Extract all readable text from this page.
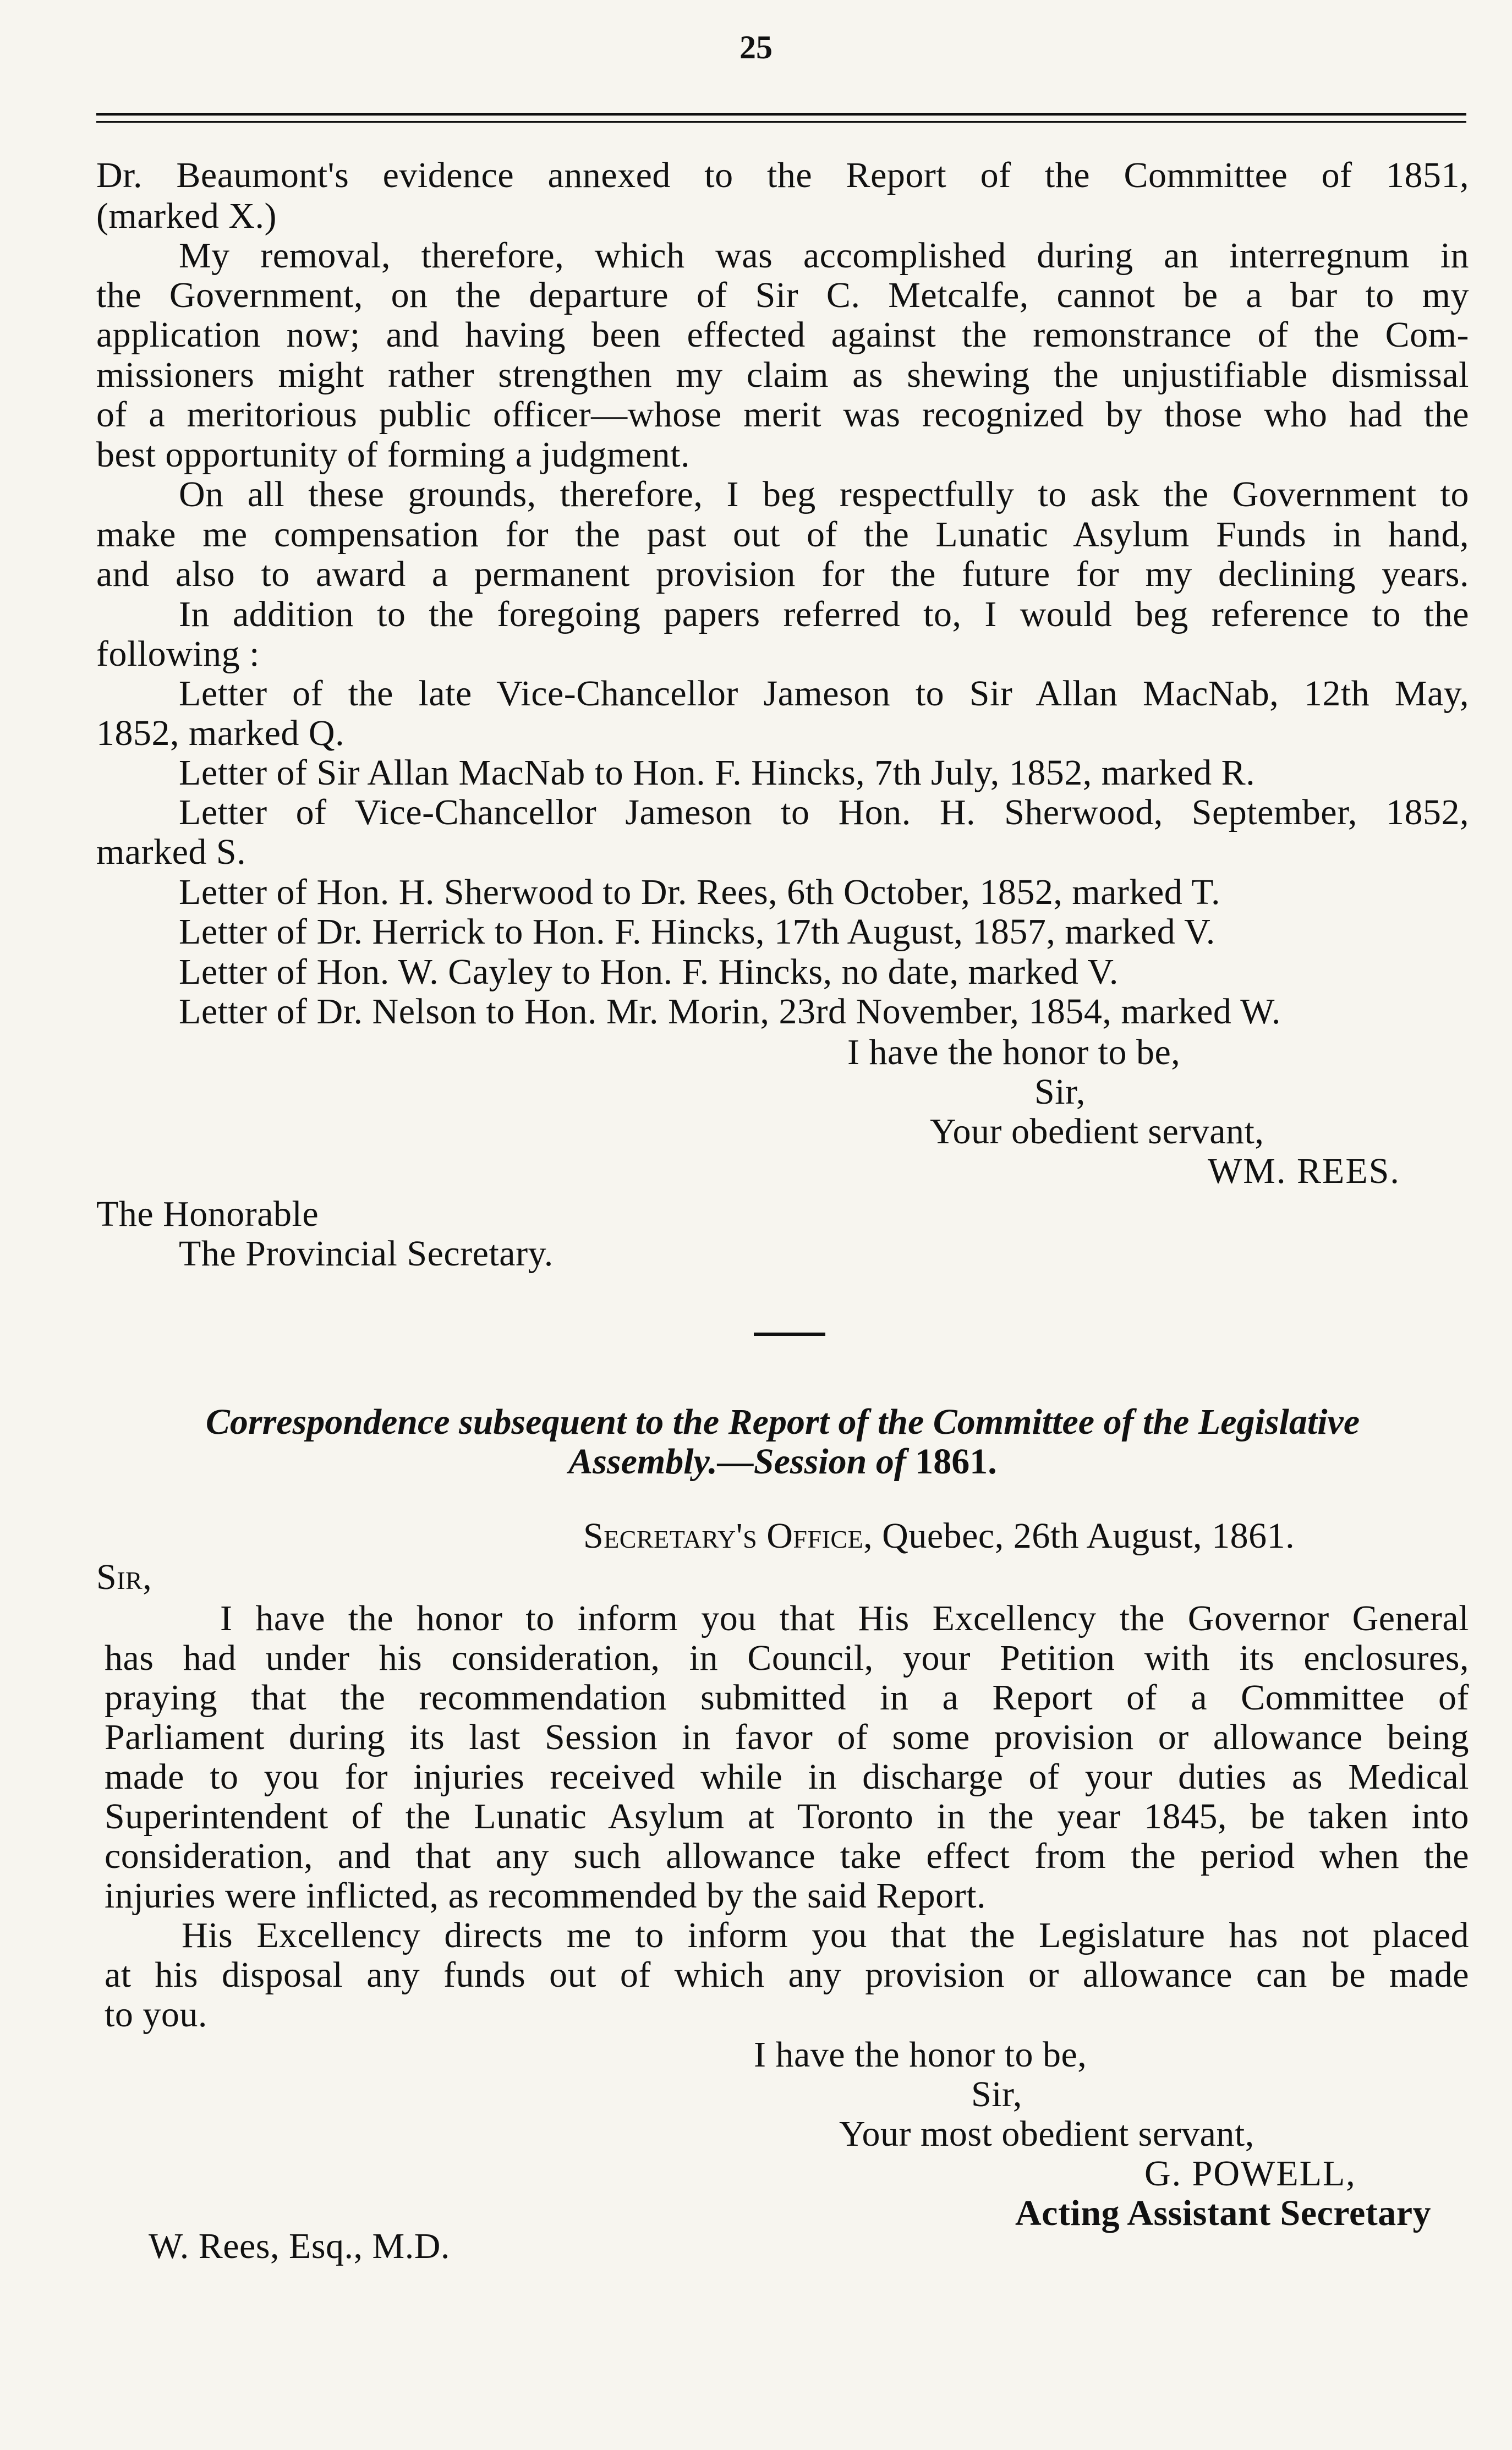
25
Dr. Beaumont's evidence annexed to the Report of the Committee of 1851,
(marked X.)
My removal, therefore, which was accomplished during an interregnum in
the Government, on the departure of Sir C. Metcalfe, cannot be a bar to my
application now; and having been effected against the remonstrance of the Com-
missioners might rather strengthen my claim as shewing the unjustifiable dismissal
of a meritorious public officer—whose merit was recognized by those who had the
best opportunity of forming a judgment.
On all these grounds, therefore, I beg respectfully to ask the Government to
make me compensation for the past out of the Lunatic Asylum Funds in hand,
and also to award a permanent provision for the future for my declining years.
In addition to the foregoing papers referred to, I would beg reference to the
following :
Letter of the late Vice-Chancellor Jameson to Sir Allan MacNab, 12th May,
1852, marked Q.
Letter of Sir Allan MacNab to Hon. F. Hincks, 7th July, 1852, marked R.
Letter of Vice-Chancellor Jameson to Hon. H. Sherwood, September, 1852,
marked S.
Letter of Hon. H. Sherwood to Dr. Rees, 6th October, 1852, marked T.
Letter of Dr. Herrick to Hon. F. Hincks, 17th August, 1857, marked V.
Letter of Hon. W. Cayley to Hon. F. Hincks, no date, marked V.
Letter of Dr. Nelson to Hon. Mr. Morin, 23rd November, 1854, marked W.
I have the honor to be,
Sir,
Your obedient servant,
WM. REES.
The Honorable
The Provincial Secretary.
Correspondence subsequent to the Report of the Committee of the Legislative
Assembly.—Session of 1861.
Secretary's Office, Quebec, 26th August, 1861.
Sir,
I have the honor to inform you that His Excellency the Governor General
has had under his consideration, in Council, your Petition with its enclosures,
praying that the recommendation submitted in a Report of a Committee of
Parliament during its last Session in favor of some provision or allowance being
made to you for injuries received while in discharge of your duties as Medical
Superintendent of the Lunatic Asylum at Toronto in the year 1845, be taken into
consideration, and that any such allowance take effect from the period when the
injuries were inflicted, as recommended by the said Report.
His Excellency directs me to inform you that the Legislature has not placed
at his disposal any funds out of which any provision or allowance can be made
to you.
I have the honor to be,
Sir,
Your most obedient servant,
G. POWELL,
Acting Assistant Secretary
W. Rees, Esq., M.D.
